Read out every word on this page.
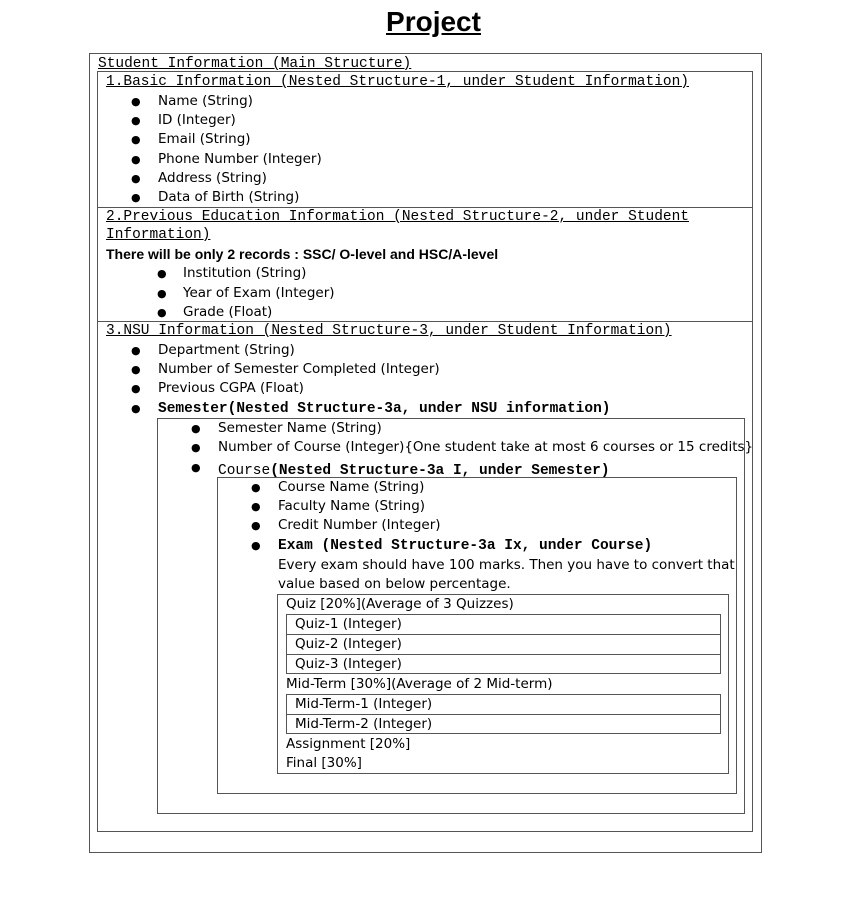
Project
Student Information (Main Structure)
1.Basic Information (Nested Structure-1, under Student Information)
● Name (String)
● ID (Integer)
● Email (String)
● Phone Number (Integer)
● Address (String)
● Data of Birth (String)
2.Previous Education Information (Nested Structure-2, under Student
Information)
There will be only 2 records : SSC/ O-level and HSC/A-level
● Institution (String)
● Year of Exam (Integer)
● Grade (Float)
3.NSU Information (Nested Structure-3, under Student Information)
● Department (String)
● Number of Semester Completed (Integer)
● Previous CGPA (Float)
● Semester(Nested Structure-3a, under NSU information)
● Semester Name (String)
● Number of Course (Integer){One student take at most 6 courses or 15 credits}
● Course(Nested Structure-3a I, under Semester)
● Course Name (String)
● Faculty Name (String)
● Credit Number (Integer)
● Exam (Nested Structure-3a Ix, under Course)
Every exam should have 100 marks. Then you have to convert that
value based on below percentage.
Quiz [20%](Average of 3 Quizzes)
Quiz-1 (Integer)
Quiz-2 (Integer)
Quiz-3 (Integer)
Mid-Term [30%](Average of 2 Mid-term)
Mid-Term-1 (Integer)
Mid-Term-2 (Integer)
Assignment [20%]
Final [30%]
